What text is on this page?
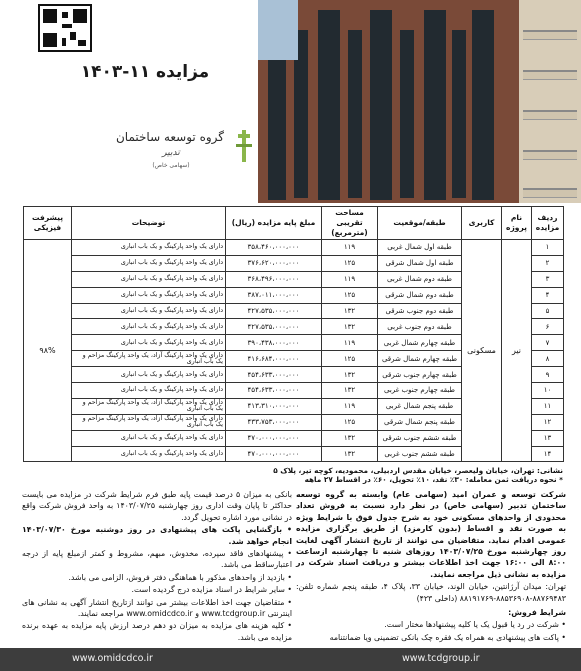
مزایده ۱۱-۱۴۰۳
گروه توسعه ساختمان
تدبیر
(سهامی خاص)
ردیف مزایده	نام پروژه	کاربری	طبقه/موقعیت	مساحت تقریبی (مترمربع)	مبلغ پایه مزایده (ریال)	توضیحات	پیشرفت فیزیکی
۱	نیر	مسکونی	طبقه اول شمال غربی	۱۱۹	۳۵۸،۴۶۰،۰۰۰،۰۰۰	دارای یک واحد پارکینگ و یک باب انباری	۹۸%
۲			طبقه اول شمال شرقی	۱۲۵	۳۷۶،۶۲۰،۰۰۰،۰۰۰	دارای یک واحد پارکینگ و یک باب انباری	
۳			طبقه دوم شمال غربی	۱۱۹	۳۶۸،۴۹۶،۰۰۰،۰۰۰	دارای یک واحد پارکینگ و یک باب انباری	
۴			طبقه دوم شمال شرقی	۱۲۵	۳۸۷،۰۱۱،۰۰۰،۰۰۰	دارای یک واحد پارکینگ و یک باب انباری	
۵			طبقه دوم جنوب شرقی	۱۳۲	۴۲۷،۵۳۵،۰۰۰،۰۰۰	دارای یک واحد پارکینگ و یک باب انباری	
۶			طبقه دوم جنوب غربی	۱۳۲	۴۲۷،۵۳۵،۰۰۰،۰۰۰	دارای یک واحد پارکینگ و یک باب انباری	
۷			طبقه چهارم شمال غربی	۱۱۹	۳۹۰،۴۳۸،۰۰۰،۰۰۰	دارای یک واحد پارکینگ و یک باب انباری	
۸			طبقه چهارم شمال شرقی	۱۲۵	۴۱۶،۶۸۴،۰۰۰،۰۰۰	دارای یک واحد پارکینگ آزاد، یک واحد پارکینگ مزاحم و یک باب انباری	
۹			طبقه چهارم جنوب شرقی	۱۳۲	۴۵۴،۶۳۳،۰۰۰،۰۰۰	دارای یک واحد پارکینگ و یک باب انباری	
۱۰			طبقه چهارم جنوب غربی	۱۳۲	۴۵۴،۶۳۳،۰۰۰،۰۰۰	دارای یک واحد پارکینگ و یک باب انباری	
۱۱			طبقه پنجم شمال غربی	۱۱۹	۴۱۳،۳۱۰،۰۰۰،۰۰۰	دارای یک واحد پارکینگ آزاد، یک واحد پارکینگ مزاحم و یک باب انباری	
۱۲			طبقه پنجم شمال شرقی	۱۲۵	۴۳۳،۷۵۳،۰۰۰،۰۰۰	دارای یک واحد پارکینگ آزاد، یک واحد پارکینگ مزاحم و یک باب انباری	
۱۳			طبقه ششم جنوب شرقی	۱۳۲	۴۷۰،۰۰۰،۰۰۰،۰۰۰	دارای یک واحد پارکینگ و یک باب انباری	
۱۴			طبقه ششم جنوب غربی	۱۳۲	۴۷۰،۰۰۰،۰۰۰،۰۰۰	دارای یک واحد پارکینگ و یک باب انباری	
نشانی: تهران، خیابان ولیعصر، خیابان مقدس اردبیلی، محمودیه، کوچه تیر، پلاک ۵
* نحوه دریافت ثمن معامله: ۳۰٪ نقد، ۱۰٪ تحویل، ۶۰٪ در اقساط ۲۷ ماهه

شرکت توسعه و عمران امید (سهامی عام) وابسته به گروه توسعه ساختمان تدبیر (سهامی خاص) در نظر دارد نسبت به فروش تعداد محدودی از واحدهای مسکونی خود به شرح جدول فوق با شرایط ویژه به صورت نقد و اقساط (بدون کارمزد) از طریق برگزاری مزایده عمومی اقدام نماید. متقاضیان می توانند از تاریخ انتشار آگهی لغایت روز چهارشنبه مورخ ۱۴۰۳/۰۷/۲۵ روزهای شنبه تا چهارشنبه ازساعت ۸:۰۰ الی ۱۶:۰۰ جهت اخذ اطلاعات بیشتر و دریافت اسناد شرکت در مزایده به نشانی ذیل مراجعه نمایند.

تهران: میدان آرژانتین، خیابان الوند، خیابان ۳۳، پلاک ۴، طبقه پنجم شماره تلفن: ۸۸۷۶۹۴۸۳-۸۸۵۳۶۹۰۸-۸۸۱۹۱۷۶۹ (داخلی ۴۲۳)

شرایط فروش:

• شرکت در رد یا قبول یک یا کلیه پیشنهادها مختار است.

• پاکت های پیشنهادی به همراه یک فقره چک بانکی تضمینی ویا ضمانتنامه

بانکی به میزان ۵ درصد قیمت پایه طبق فرم شرایط شرکت در مزایده می بایست حداکثر تا پایان وقت اداری روز چهارشنبه ۱۴۰۳/۰۷/۲۵ به واحد فروش شرکت واقع در نشانی مورد اشاره تحویل گردد.

• بازگشایی پاکت های پیشنهادی در روز دوشنبه مورخ ۱۴۰۳/۰۷/۳۰ انجام خواهد شد.

• پیشنهادهای فاقد سپرده، مخدوش، مبهم، مشروط و کمتر ازمبلغ پایه از درجه اعتبارساقط می باشد.

• بازدید از واحدهای مذکور با هماهنگی دفتر فروش، الزامی می باشد.

• سایر شرایط در اسناد مزایده درج گردیده است.

• متقاضیان جهت اخذ اطلاعات بیشتر می توانند ازتاریخ انتشار آگهی به نشانی های اینترنتی www.tcdgroup.ir و www.omidcdco.ir مراجعه نمایند.

• کلیه هزینه های مزایده به میزان دو دهم درصد ارزش پایه مزایده به عهده برنده مزایده می باشد.

www.omidcdco.ir	www.tcdgroup.ir
